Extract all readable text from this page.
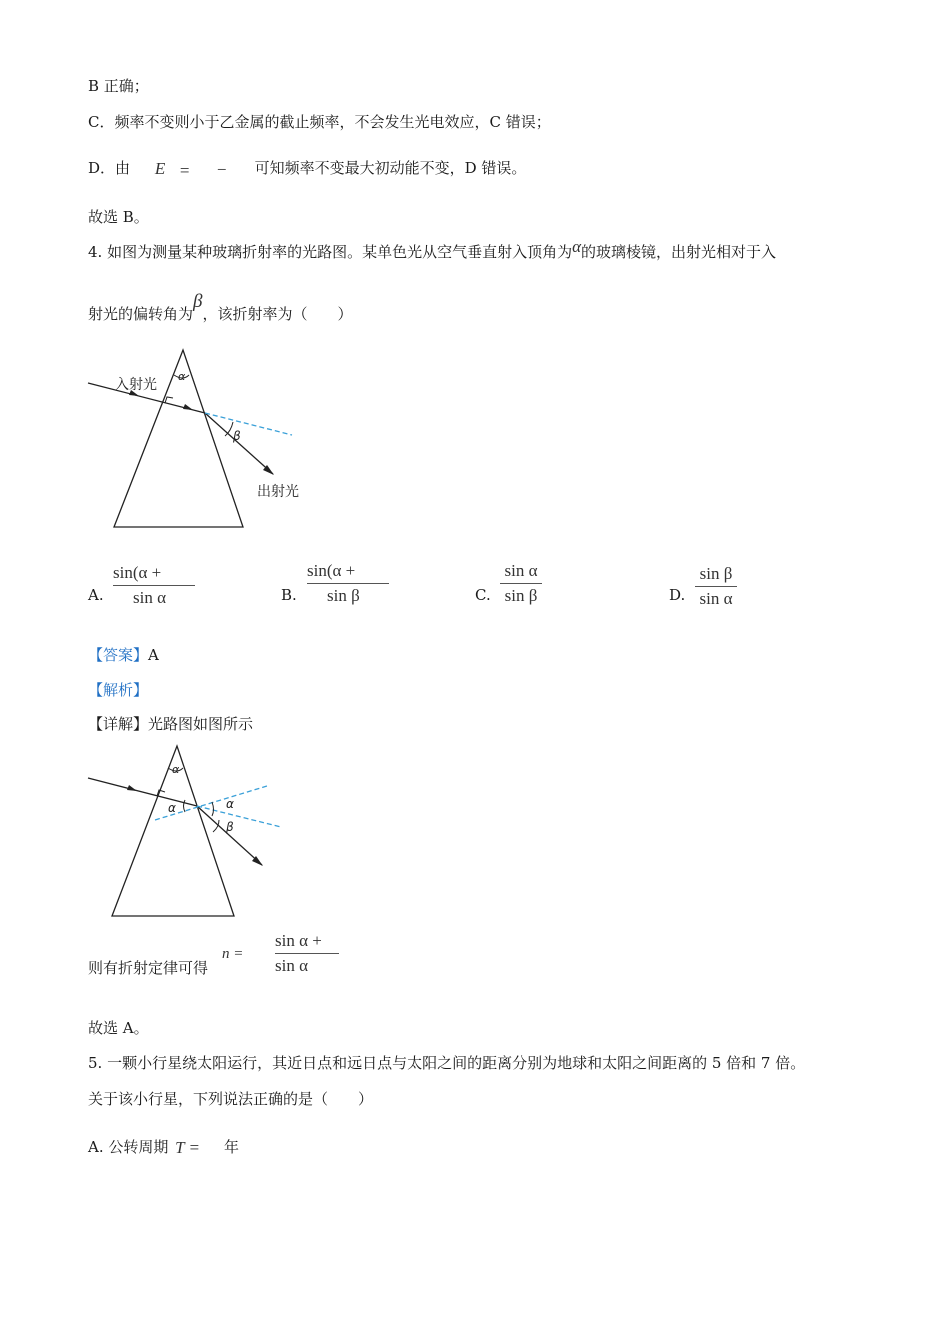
B 正确；
C．频率不变则小于乙金属的截止频率，不会发生光电效应，C 错误；
D．由 E = − 可知频率不变最大初动能不变，D 错误。
故选 B。
4. 如图为测量某种玻璃折射率的光路图。某单色光从空气垂直射入顶角为α的玻璃棱镜，出射光相对于入
射光的偏转角为β，该折射率为（　　）
α
β
入射光
出射光
A.
sin(α +
sin α	B.
sin(α +
sin β	C.
sin α
sin β	D.
sin β
sin α
【答案】A
【解析】
【详解】光路图如图所示
α
α	α
β
则有折射定律可得
n =
sin α +
sin α
故选 A。
5. 一颗小行星绕太阳运行，其近日点和远日点与太阳之间的距离分别为地球和太阳之间距离的 5 倍和 7 倍。
关于该小行星，下列说法正确的是（　　）
A. 公转周期 T = 年
